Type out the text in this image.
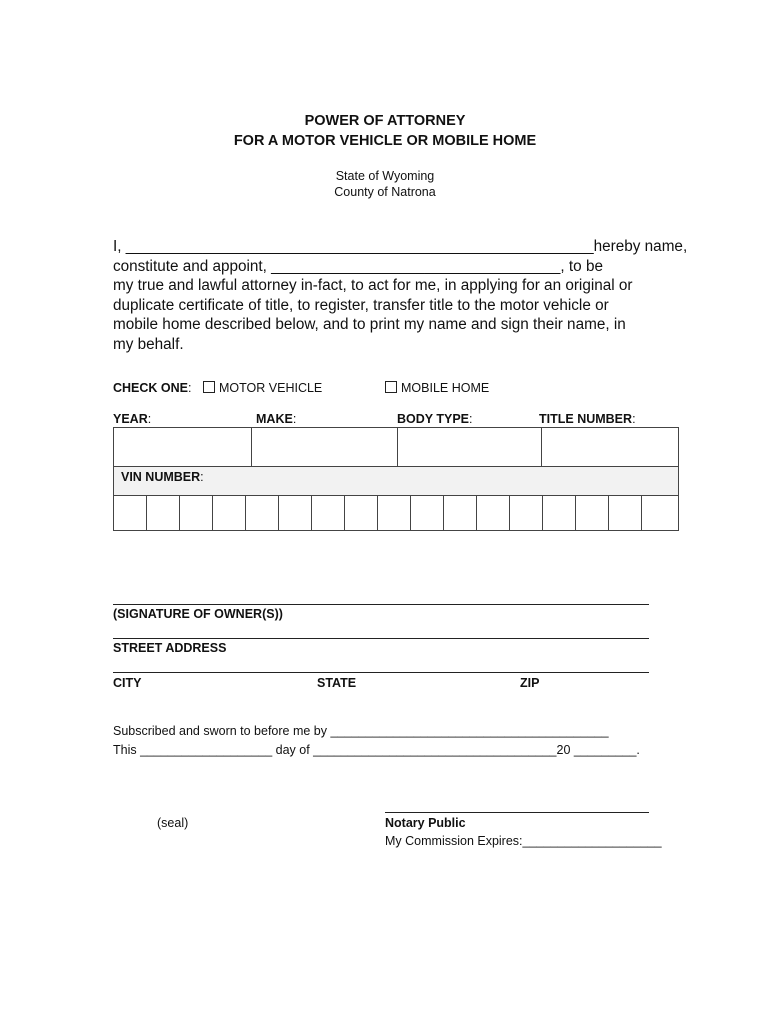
POWER OF ATTORNEY
FOR A MOTOR VEHICLE OR MOBILE HOME
State of Wyoming
County of Natrona
I, _______________________________________________________hereby name,
constitute and appoint, __________________________________, to be
my true and lawful attorney in-fact, to act for me, in applying for an original or
duplicate certificate of title, to register, transfer title to the motor vehicle or
mobile home described below, and to print my name and sign their name, in
my behalf.
CHECK ONE:	MOTOR VEHICLE	MOBILE HOME
YEAR:	MAKE:	BODY TYPE:	TITLE NUMBER:
VIN NUMBER:
(SIGNATURE OF OWNER(S))
STREET ADDRESS
CITY	STATE	ZIP
Subscribed and sworn to before me by ________________________________________
This ___________________ day of ___________________________________20 _________.
(seal)	Notary Public
My Commission Expires:____________________
